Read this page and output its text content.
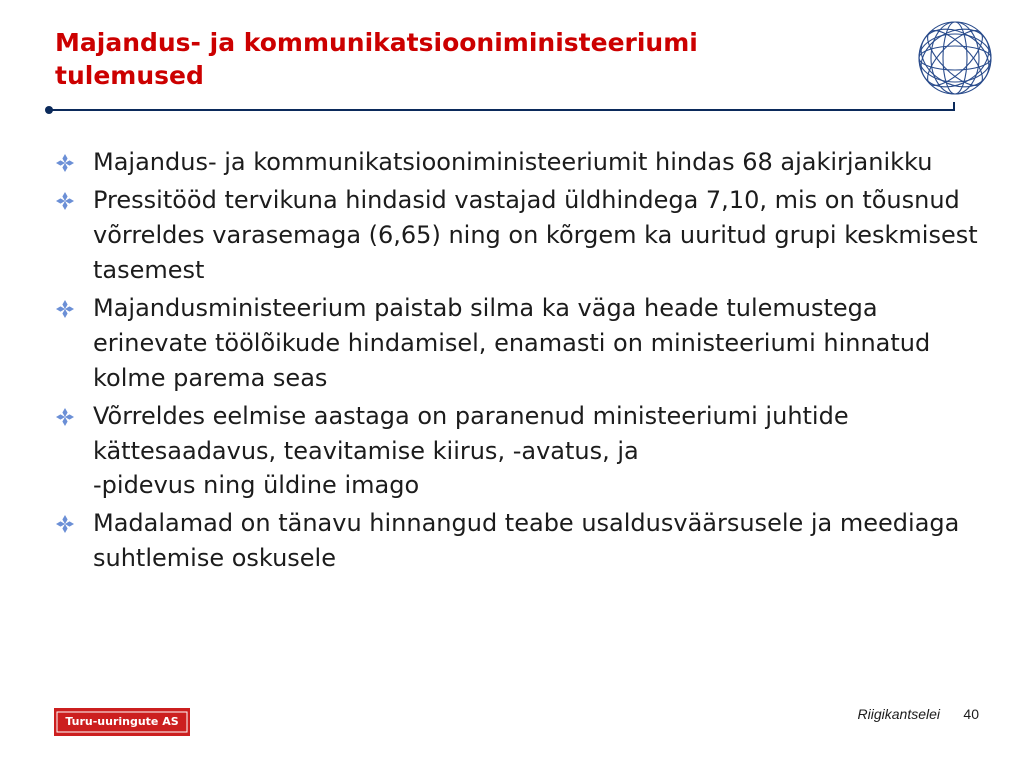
Majandus- ja kommunikatsiooniministeeriumi
tulemused
Majandus- ja kommunikatsiooniministeeriumit hindas 68 ajakirjanikku
Pressitööd tervikuna hindasid vastajad üldhindega 7,10, mis on tõusnud võrreldes varasemaga (6,65) ning on kõrgem ka uuritud grupi keskmisest tasemest
Majandusministeerium paistab silma ka väga heade tulemustega erinevate töölõikude hindamisel, enamasti on ministeeriumi hinnatud kolme parema seas
Võrreldes eelmise aastaga on paranenud ministeeriumi juhtide kättesaadavus, teavitamise kiirus, -avatus, ja
-pidevus ning üldine imago
Madalamad on tänavu hinnangud teabe usaldusväärsusele ja meediaga suhtlemise oskusele
Turu-uuringute AS	Riigikantselei 40
